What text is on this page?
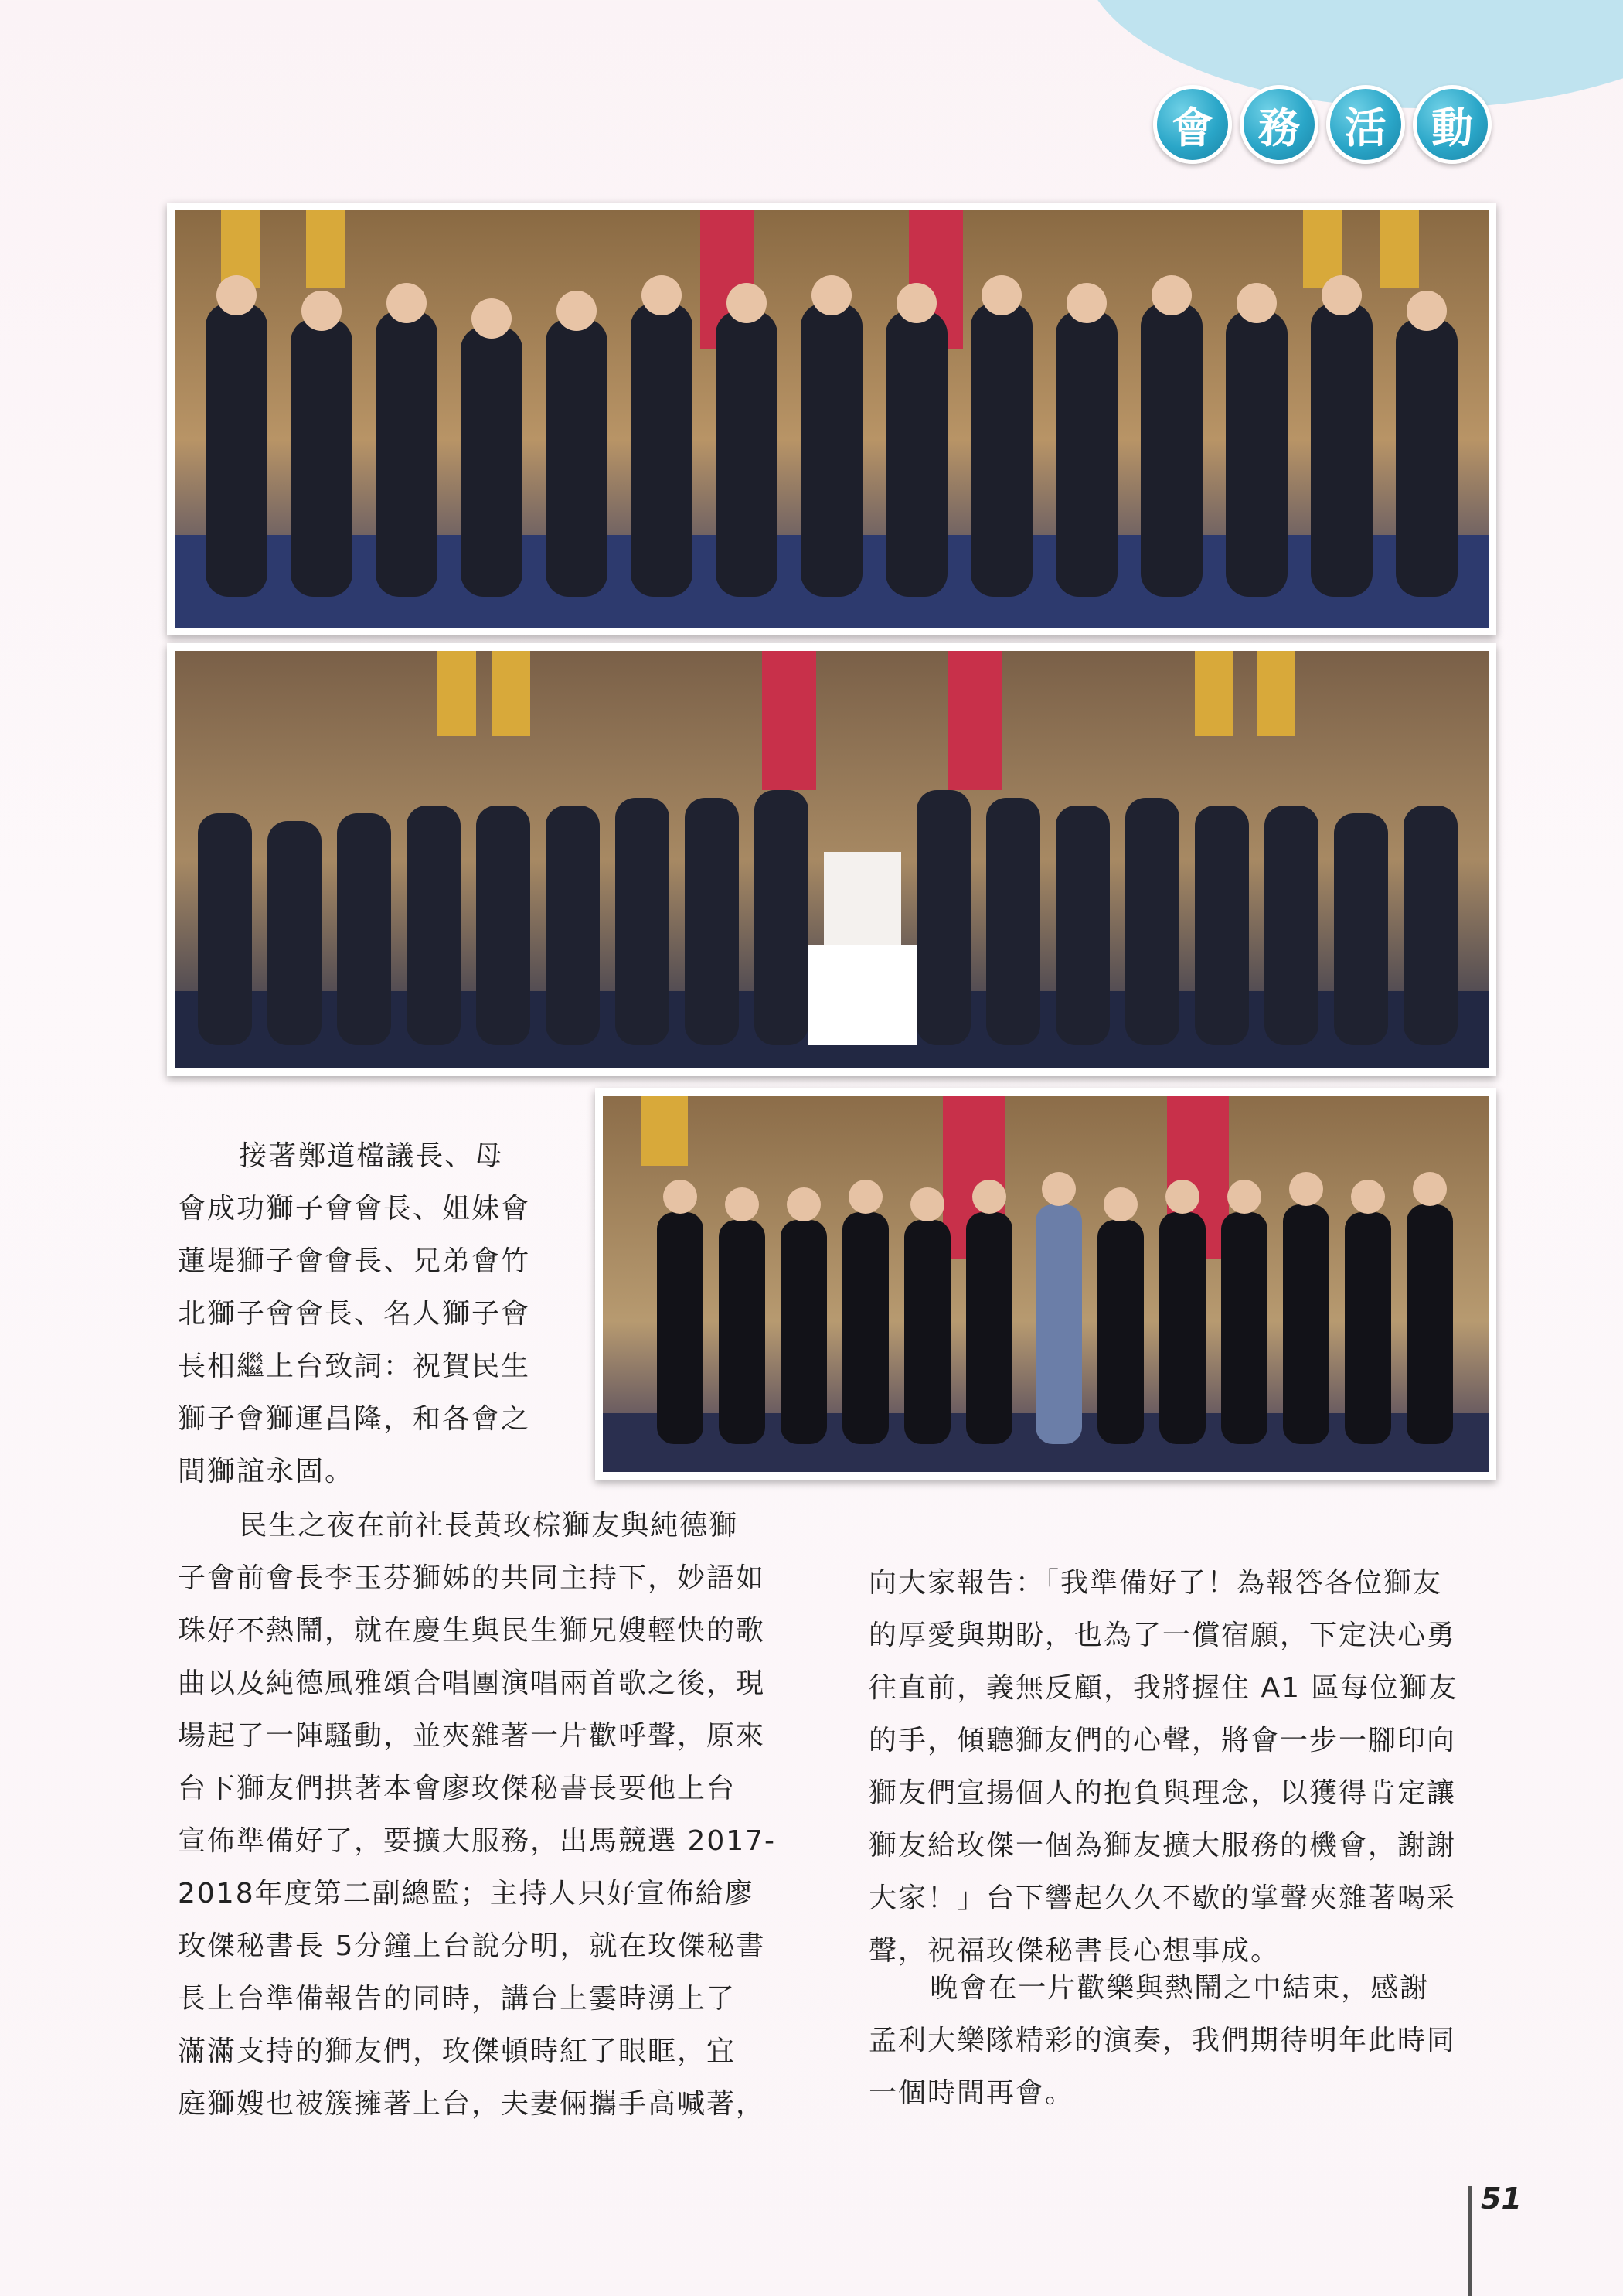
會	務	活	動

接著鄭道檔議長、母
會成功獅子會會長、姐妹會
蓮堤獅子會會長、兄弟會竹
北獅子會會長、名人獅子會
長相繼上台致詞：祝賀民生
獅子會獅運昌隆，和各會之
間獅誼永固。

民生之夜在前社長黃玫棕獅友與純德獅
子會前會長李玉芬獅姊的共同主持下，妙語如
珠好不熱鬧，就在慶生與民生獅兄嫂輕快的歌
曲以及純德風雅頌合唱團演唱兩首歌之後，現
場起了一陣騷動，並夾雜著一片歡呼聲，原來
台下獅友們拱著本會廖玫傑秘書長要他上台
宣佈準備好了，要擴大服務，出馬競選 2017-
2018年度第二副總監；主持人只好宣佈給廖
玫傑秘書長 5分鐘上台說分明，就在玫傑秘書
長上台準備報告的同時，講台上霎時湧上了
滿滿支持的獅友們，玫傑頓時紅了眼眶，宜
庭獅嫂也被簇擁著上台，夫妻倆攜手高喊著，

向大家報告：「我準備好了！為報答各位獅友
的厚愛與期盼，也為了一償宿願，下定決心勇
往直前，義無反顧，我將握住 A1 區每位獅友
的手，傾聽獅友們的心聲，將會一步一腳印向
獅友們宣揚個人的抱負與理念，以獲得肯定讓
獅友給玫傑一個為獅友擴大服務的機會，謝謝
大家！」台下響起久久不歇的掌聲夾雜著喝采
聲，祝福玫傑秘書長心想事成。

晚會在一片歡樂與熱鬧之中結束，感謝
孟利大樂隊精彩的演奏，我們期待明年此時同
一個時間再會。

51
